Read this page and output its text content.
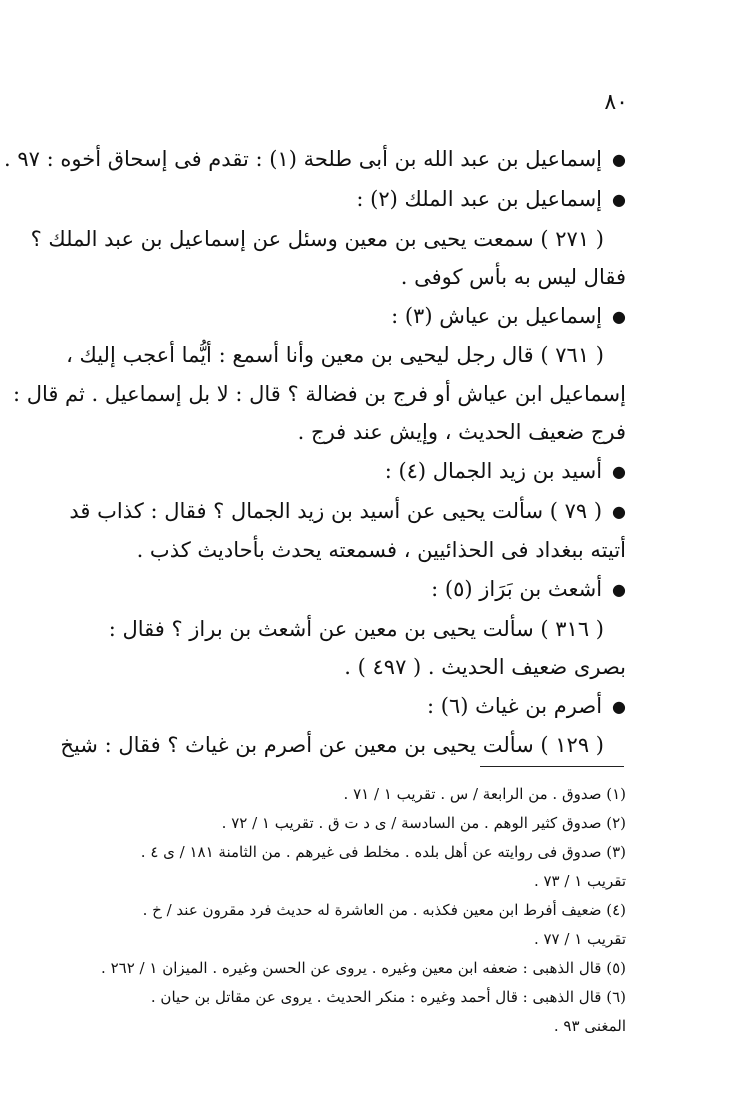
٨٠
●إسماعيل بن عبد الله بن أبى طلحة (١) : تقدم فى إسحاق أخوه : ٩٧ .
●إسماعيل بن عبد الملك (٢) :
( ٢٧١ ) سمعت يحيى بن معين وسئل عن إسماعيل بن عبد الملك ؟
فقال ليس به بأس كوفى .
●إسماعيل بن عياش (٣) :
( ٧٦١ ) قال رجل ليحيى بن معين وأنا أسمع : أيُّما أعجب إليك ،
إسماعيل ابن عياش أو فرج بن فضالة ؟ قال : لا بل إسماعيل . ثم قال :
فرج ضعيف الحديث ، وإيش عند فرج .
●أسيد بن زيد الجمال (٤) :
●( ٧٩ ) سألت يحيى عن أسيد بن زيد الجمال ؟ فقال : كذاب قد
أتيته ببغداد فى الحذائيين ، فسمعته يحدث بأحاديث كذب .
●أشعث بن بَرَاز (٥) :
( ٣١٦ ) سألت يحيى بن معين عن أشعث بن براز ؟ فقال :
بصرى ضعيف الحديث . ( ٤٩٧ ) .
●أصرم بن غياث (٦) :
( ١٢٩ ) سألت يحيى بن معين عن أصرم بن غياث ؟ فقال : شيخ
(١) صدوق . من الرابعة / س . تقريب ١ / ٧١ .
(٢) صدوق كثير الوهم . من السادسة / ى د ت ق . تقريب ١ / ٧٢ .
(٣) صدوق فى روايته عن أهل بلده . مخلط فى غيرهم . من الثامنة ١٨١ / ى ٤ .
تقريب ١ / ٧٣ .
(٤) ضعيف أفرط ابن معين فكذبه . من العاشرة له حديث فرد مقرون عند / خ .
تقريب ١ / ٧٧ .
(٥) قال الذهبى : ضعفه ابن معين وغيره . يروى عن الحسن وغيره . الميزان ١ / ٢٦٢ .
(٦) قال الذهبى : قال أحمد وغيره : منكر الحديث . يروى عن مقاتل بن حيان .
المغنى ٩٣ .
